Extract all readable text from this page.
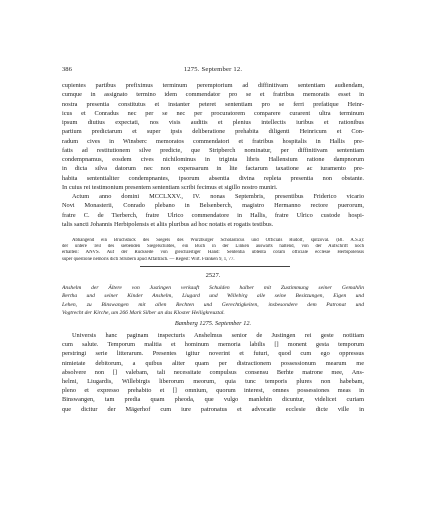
386	1275. September 12.
cupientes partibus prefiximus terminum peremptorium ad diffinitivam sententiam audiendam,
cumque in assignato termino idem commendator pro se et fratribus memoratis esset in
nostra presentia constitutus et instanter peteret sententiam pro se ferri prefatique Heinr-
icus et Conradus nec per se nec per procuratorem comparere curarent ultra terminum
ipsum diutius expectati, nos visis auditis et plenius intellectis iuribus et rationibus
partium predictarum et super ipsis deliberatione prehabita diligenti Heinricum et Con-
radum cives in Winsberc memoratos commendatori et fratribus hospitalis in Hallis pre-
fatis ad restitutionem silve predicte, que Stripberch nominatur, per diffinitivam sententiam
condempnamus, eosdem cives nichilominus in triginta libris Hallensium ratione dampnorum
in dicta silva datorum nec non expensarum in lite factarum taxatione ac iuramento pre-
habita sententialiter condempnantes, ipsorum absentia divina repleta presentia non obstante.
In cuius rei testimonium presentem sententiam scribi fecimus et sigillo nostro muniri.
Actum anno domini MCCLXXV., IV. nonas Septembris, presentibus Friderico vicario
Novi Monasterii, Conrado plebano in Belsenberch, magistro Hermanno rectore puerorum,
fratre C. de Tierberch, fratre Ulrico commendatore in Hallis, fratre Ulrico custode hospi-
talis sancti Johannis Herbipolensis et aliis pluribus ad hoc notatis et rogatis testibus.
Abhangend ein Bruchstück des Siegels des Würzburger Scholasticus und Officials Rudolf, spitzoval. (Bl. A.S.a):
der untere Teil des siebenden Siegelschildes, ein Buch in der Linken auswärts haltend, von der Aufschrift noch
erhalten: ANVS. Auf der Rückseite von gleichzeitiger Hand: Sententia ubtenta coram officiale ecclesie Herbipolensis
super questione nemoris dicti Strubern apud Affaltrach. — Regest: Wirt. Franken 9, 1, 77.
2527.
Anshelm der Ältere von Justingen verkauft Schulden halber mit Zustimmung seiner Gemahlin
Bertha und seiner Kinder Anshelm, Liugard und Willebirg alle seine Besitzungen, Eigen und
Lehen, zu Binswangen mit allen Rechten und Gerechtigkeiten, insbesondere dem Patronat und
Vogtrecht der Kirche, um 266 Mark Silber an das Kloster Heiligkreuztal.
Bamberg 1275. September 12.
Universis hanc paginam inspecturis Anshelmus senior de Justingen rei geste notitiam
cum salute. Temporum malitia et hominum memoria labilis [] monent gesta temporum
perstringi serie litterarum. Presentes igitur noverint et futuri, quod cum ego oppressus
nimietate debitorum, a quibus aliter quam per distractionem possessionum mearum me
absolvere non [] valebam, tali necessitate compulsus consensu Berhte matrone mee, Ans-
helmi, Liugardis, Willebirgis liberorum meorum, quia tunc temporis plures non habebam,
pleno et expresso prehabito et [] omnium, quorum interest, omnes possessiones meas in
Binswangen, tam predia quam pheoda, que vulgo manlehin dicuntur, videlicet curiam
que dicitur der Mägerhof cum iure patronatus et advocatie ecclesie dicte ville in
